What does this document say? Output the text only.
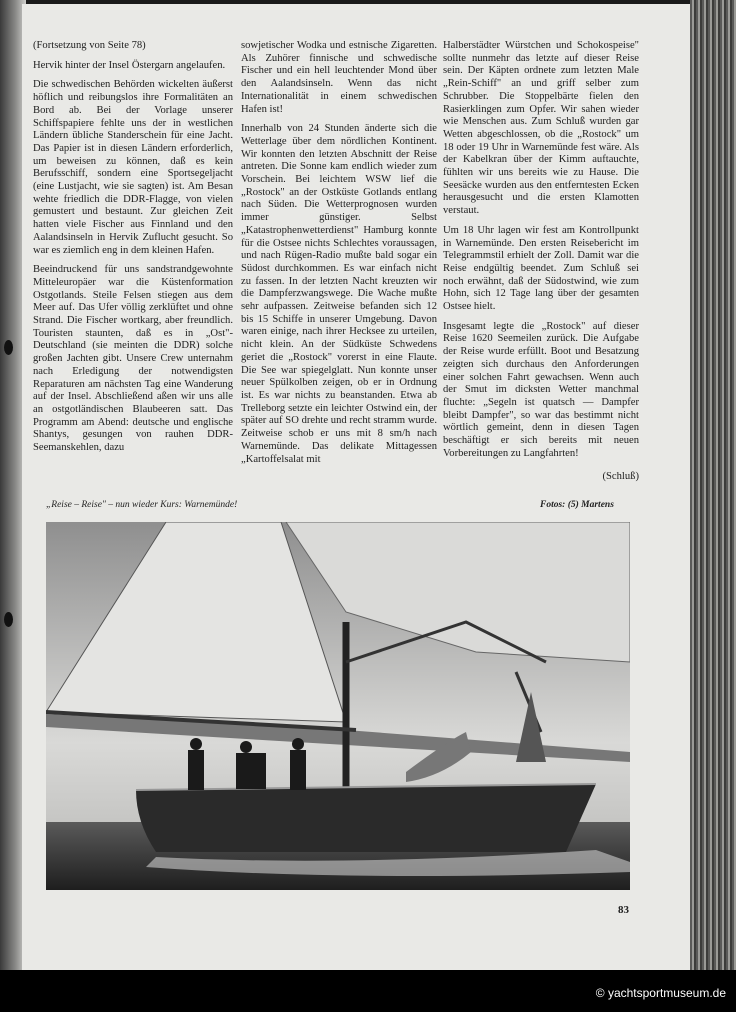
(Fortsetzung von Seite 78)

Hervik hinter der Insel Östergarn angelaufen.

Die schwedischen Behörden wickelten äußerst höflich und reibungslos ihre Formalitäten an Bord ab. Bei der Vorlage unserer Schiffspapiere fehlte uns der in westlichen Ländern übliche Standerschein für eine Jacht. Das Papier ist in diesen Ländern erforderlich, um beweisen zu können, daß es kein Berufsschiff, sondern eine Sportsegeljacht (eine Lustjacht, wie sie sagten) ist. Am Besan wehte friedlich die DDR-Flagge, von vielen gemustert und bestaunt. Zur gleichen Zeit hatten viele Fischer aus Finnland und den Aalandsinseln in Hervik Zuflucht gesucht. So war es ziemlich eng in dem kleinen Hafen.

Beeindruckend für uns sandstrandgewohnte Mitteleuropäer war die Küstenformation Ostgotlands. Steile Felsen stiegen aus dem Meer auf. Das Ufer völlig zerklüftet und ohne Strand. Die Fischer wortkarg, aber freundlich. Touristen staunten, daß es in „Ost"-Deutschland (sie meinten die DDR) solche großen Jachten gibt. Unsere Crew unternahm nach Erledigung der notwendigsten Reparaturen am nächsten Tag eine Wanderung auf der Insel. Abschließend aßen wir uns alle an ostgotländischen Blaubeeren satt. Das Programm am Abend: deutsche und englische Shantys, gesungen von rauhen DDR-Seemanskehlen, dazu

sowjetischer Wodka und estnische Zigaretten. Als Zuhörer finnische und schwedische Fischer und ein hell leuchtender Mond über den Aalandsinseln. Wenn das nicht Internationalität in einem schwedischen Hafen ist!

Innerhalb von 24 Stunden änderte sich die Wetterlage über dem nördlichen Kontinent. Wir konnten den letzten Abschnitt der Reise antreten. Die Sonne kam endlich wieder zum Vorschein. Bei leichtem WSW lief die „Rostock" an der Ostküste Gotlands entlang nach Süden. Die Wetterprognosen wurden immer günstiger. Selbst „Katastrophenwetterdienst" Hamburg konnte für die Ostsee nichts Schlechtes voraussagen, und nach Rügen-Radio mußte bald sogar ein Südost durchkommen. Es war einfach nicht zu fassen. In der letzten Nacht kreuzten wir die Dampferzwangswege. Die Wache mußte sehr aufpassen. Zeitweise befanden sich 12 bis 15 Schiffe in unserer Umgebung. Davon waren einige, nach ihrer Hecksee zu urteilen, nicht klein. An der Südküste Schwedens geriet die „Rostock" vorerst in eine Flaute. Die See war spiegelglatt. Nun konnte unser neuer Spülkolben zeigen, ob er in Ordnung ist. Es war nichts zu beanstanden. Etwa ab Trelleborg setzte ein leichter Ostwind ein, der später auf SO drehte und recht stramm wurde. Zeitweise schob er uns mit 8 sm/h nach Warnemünde. Das delikate Mittagessen „Kartoffelsalat mit

Halberstädter Würstchen und Schokospeise" sollte nunmehr das letzte auf dieser Reise sein. Der Käpten ordnete zum letzten Male „Rein-Schiff" an und griff selber zum Schrubber. Die Stoppelbärte fielen den Rasierklingen zum Opfer. Wir sahen wieder wie Menschen aus. Zum Schluß wurden gar Wetten abgeschlossen, ob die „Rostock" um 18 oder 19 Uhr in Warnemünde fest wäre. Als der Kabelkran über der Kimm auftauchte, fühlten wir uns bereits wie zu Hause. Die Seesäcke wurden aus den entferntesten Ecken herausgesucht und die ersten Klamotten verstaut.

Um 18 Uhr lagen wir fest am Kontrollpunkt in Warnemünde. Den ersten Reisebericht im Telegrammstil erhielt der Zoll. Damit war die Reise endgültig beendet. Zum Schluß sei noch erwähnt, daß der Südostwind, wie zum Hohn, sich 12 Tage lang über der gesamten Ostsee hielt.

Insgesamt legte die „Rostock" auf dieser Reise 1620 Seemeilen zurück. Die Aufgabe der Reise wurde erfüllt. Boot und Besatzung zeigten sich durchaus den Anforderungen einer solchen Fahrt gewachsen. Wenn auch der Smut im dicksten Wetter manchmal fluchte: „Segeln ist quatsch — Dampfer bleibt Dampfer", so war das bestimmt nicht wörtlich gemeint, denn in diesen Tagen beschäftigt er sich bereits mit neuen Vorbereitungen zu Langfahrten!

(Schluß)

„Reise – Reise" – nun wieder Kurs: Warnemünde!	Fotos: (5) Martens
83
© yachtsportmuseum.de
